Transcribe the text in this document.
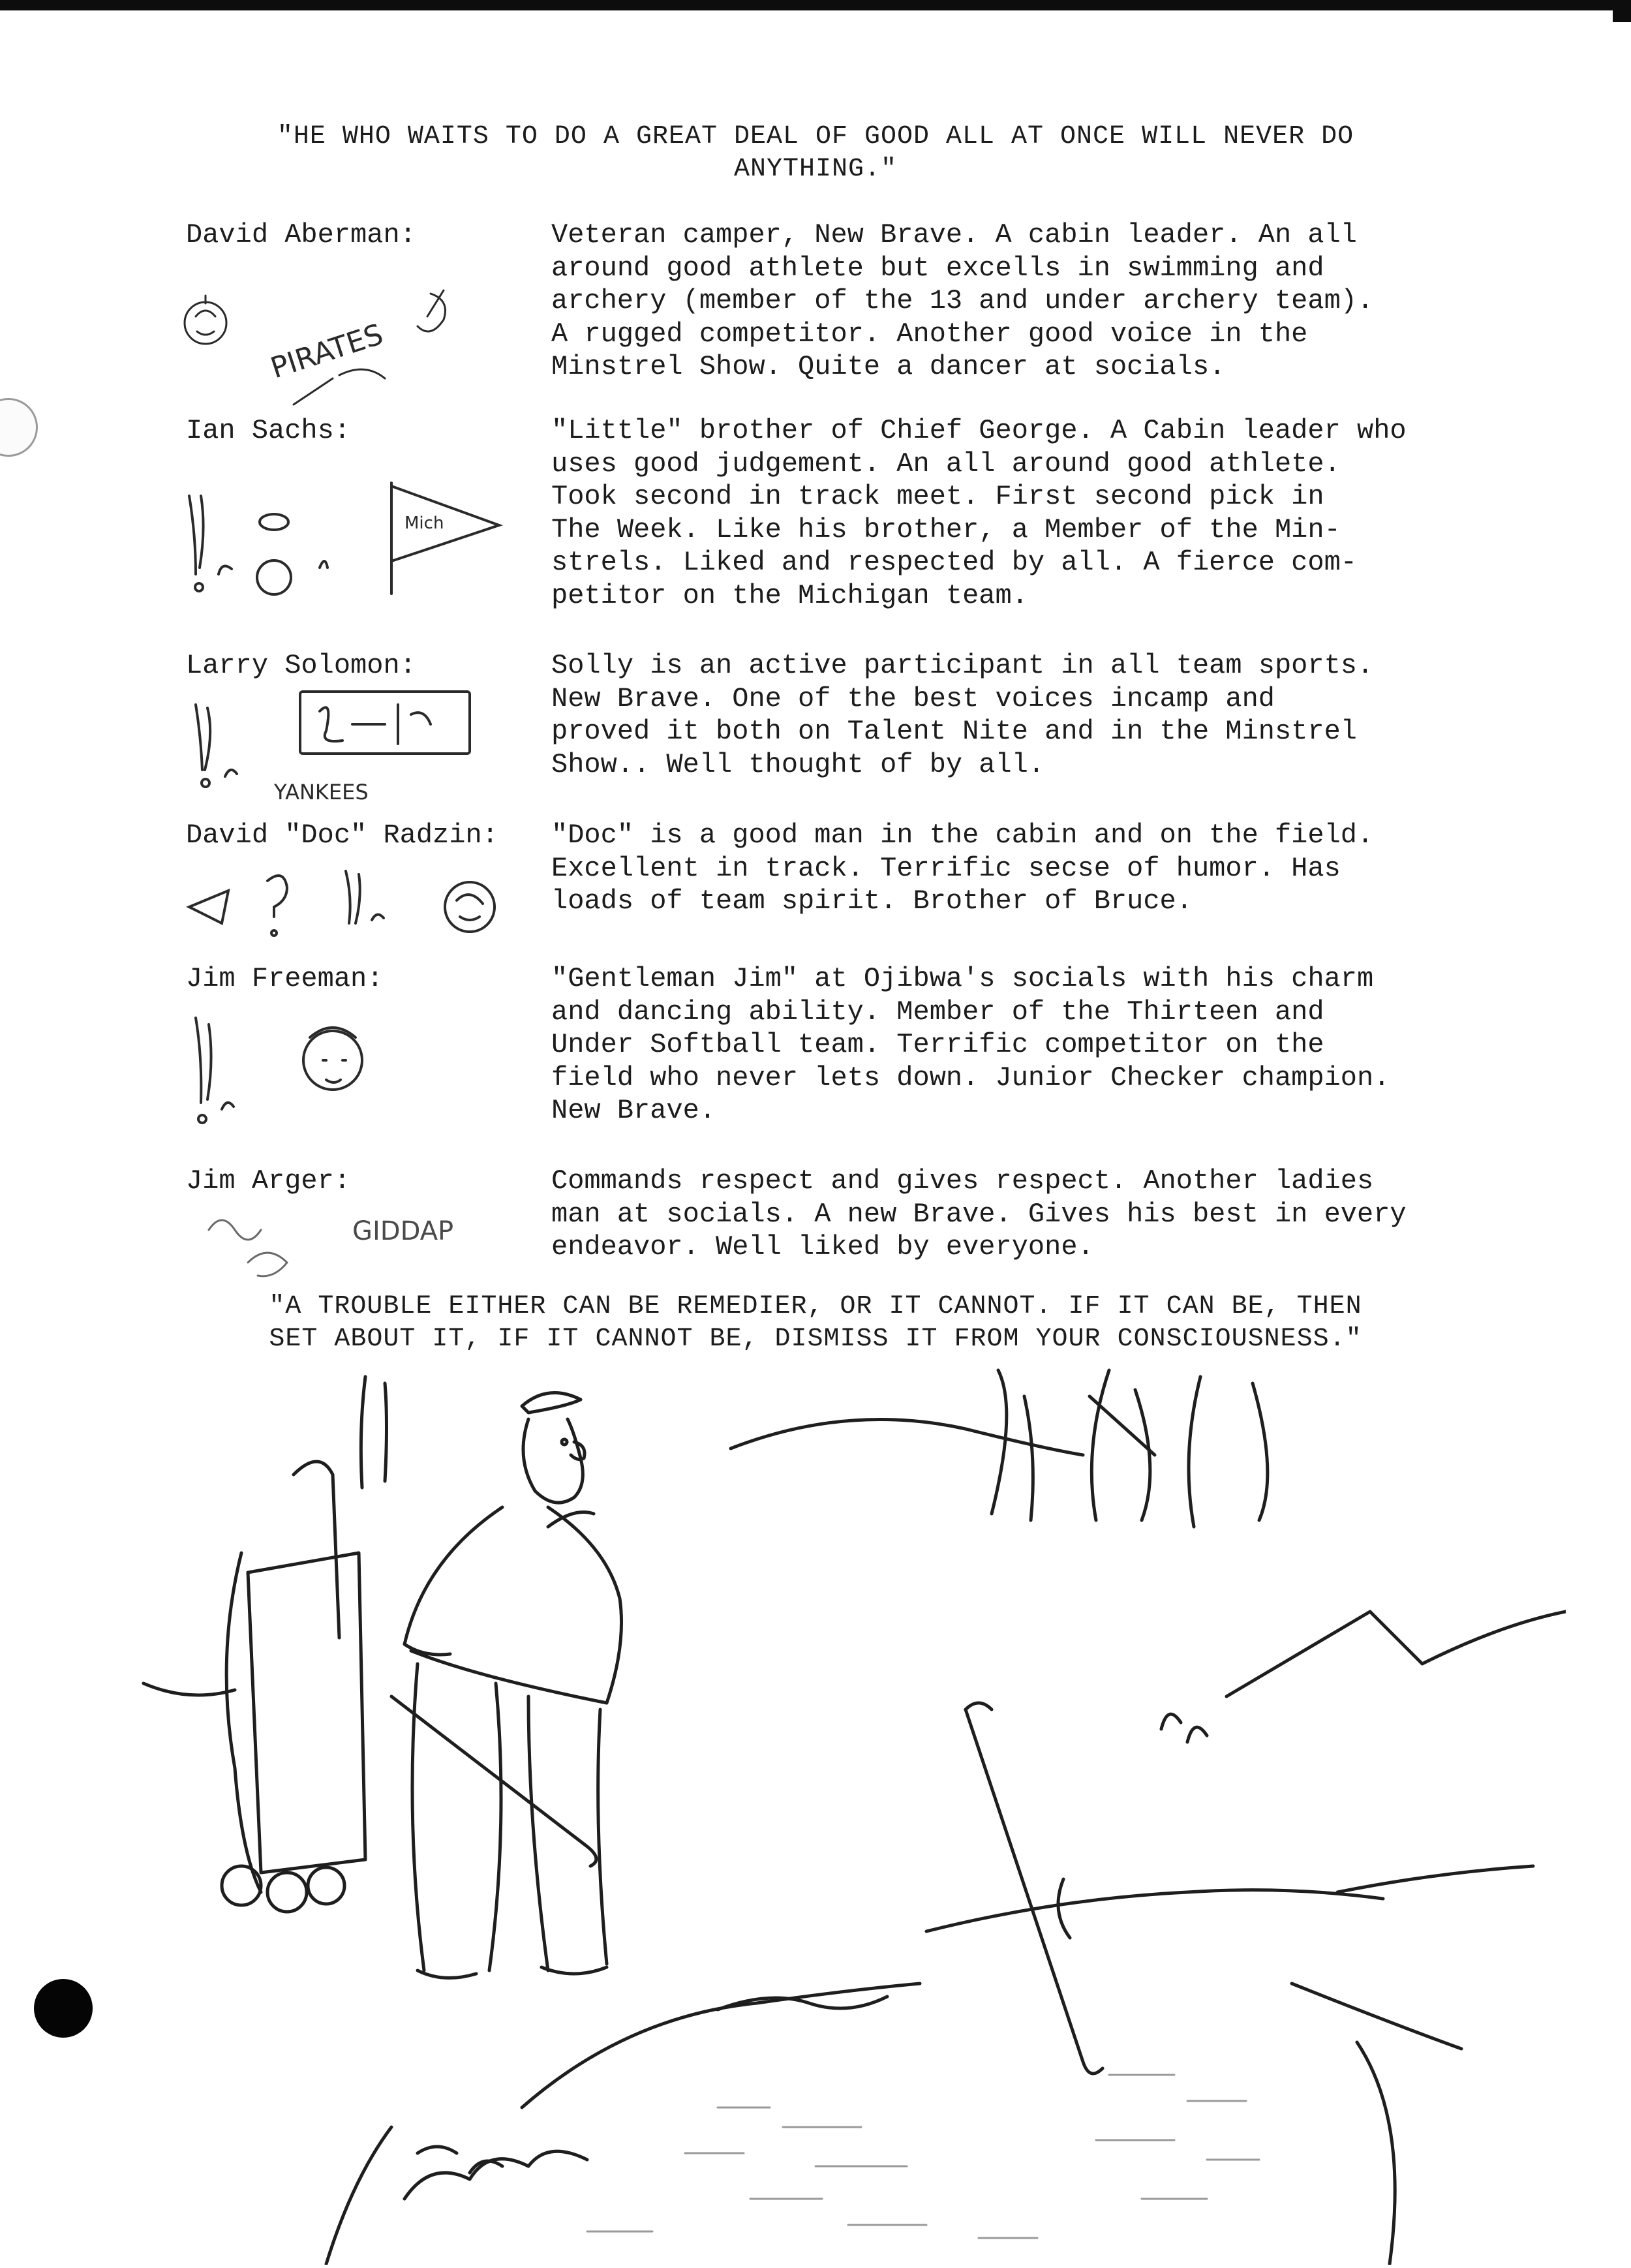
"HE WHO WAITS TO DO A GREAT DEAL OF GOOD ALL AT ONCE WILL NEVER DO
ANYTHING."
David Aberman:	Veteran camper, New Brave. A cabin leader. An all
around good athlete but excells in swimming and
archery (member of the 13 and under archery team).
A rugged competitor. Another good voice in the
Minstrel Show. Quite a dancer at socials.
PIRATES
Ian Sachs:	"Little" brother of Chief George. A Cabin leader who
uses good judgement. An all around good athlete.
Took second in track meet. First second pick in
The Week. Like his brother, a Member of the Min-
strels. Liked and respected by all. A fierce com-
petitor on the Michigan team.
Mich
Larry Solomon:	Solly is an active participant in all team sports.
New Brave. One of the best voices incamp and
proved it both on Talent Nite and in the Minstrel
Show.. Well thought of by all.
YANKEES
David "Doc" Radzin: "Doc" is a good man in the cabin and on the field.
Excellent in track. Terrific secse of humor. Has
loads of team spirit. Brother of Bruce.
Jim Freeman:	"Gentleman Jim" at Ojibwa's socials with his charm
and dancing ability. Member of the Thirteen and
Under Softball team. Terrific competitor on the
field who never lets down. Junior Checker champion.
New Brave.
Jim Arger:	Commands respect and gives respect. Another ladies
man at socials. A new Brave. Gives his best in every
endeavor. Well liked by everyone.
GIDDAP
"A TROUBLE EITHER CAN BE REMEDIER, OR IT CANNOT. IF IT CAN BE, THEN
SET ABOUT IT, IF IT CANNOT BE, DISMISS IT FROM YOUR CONSCIOUSNESS."
